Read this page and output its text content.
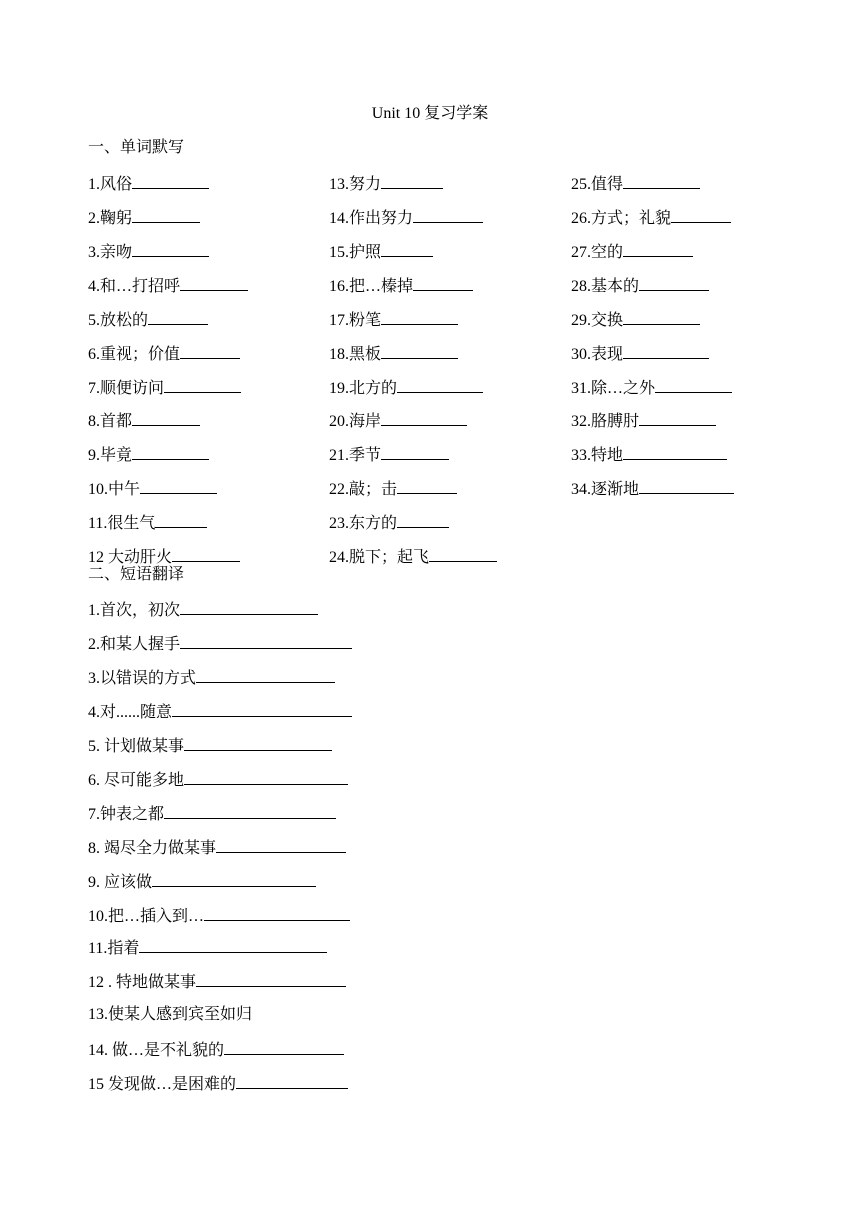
Unit 10 复习学案
一、单词默写
1.风俗
2.鞠躬
3.亲吻
4.和…打招呼
5.放松的
6.重视；价值
7.顺便访问
8.首都
9.毕竟
10.中午
11.很生气
12 大动肝火
13.努力
14.作出努力
15.护照
16.把…榛掉
17.粉笔
18.黑板
19.北方的
20.海岸
21.季节
22.敲；击
23.东方的
24.脱下；起飞
25.值得
26.方式；礼貌
27.空的
28.基本的
29.交换
30.表现
31.除…之外
32.胳膊肘
33.特地
34.逐渐地
二、短语翻译
1.首次，初次
2.和某人握手
3.以错误的方式
4.对......随意
5. 计划做某事
6. 尽可能多地
7.钟表之都
8. 竭尽全力做某事
9. 应该做
10.把…插入到…
11.指着
12 . 特地做某事
13.使某人感到宾至如归
14. 做…是不礼貌的
15 发现做…是困难的
